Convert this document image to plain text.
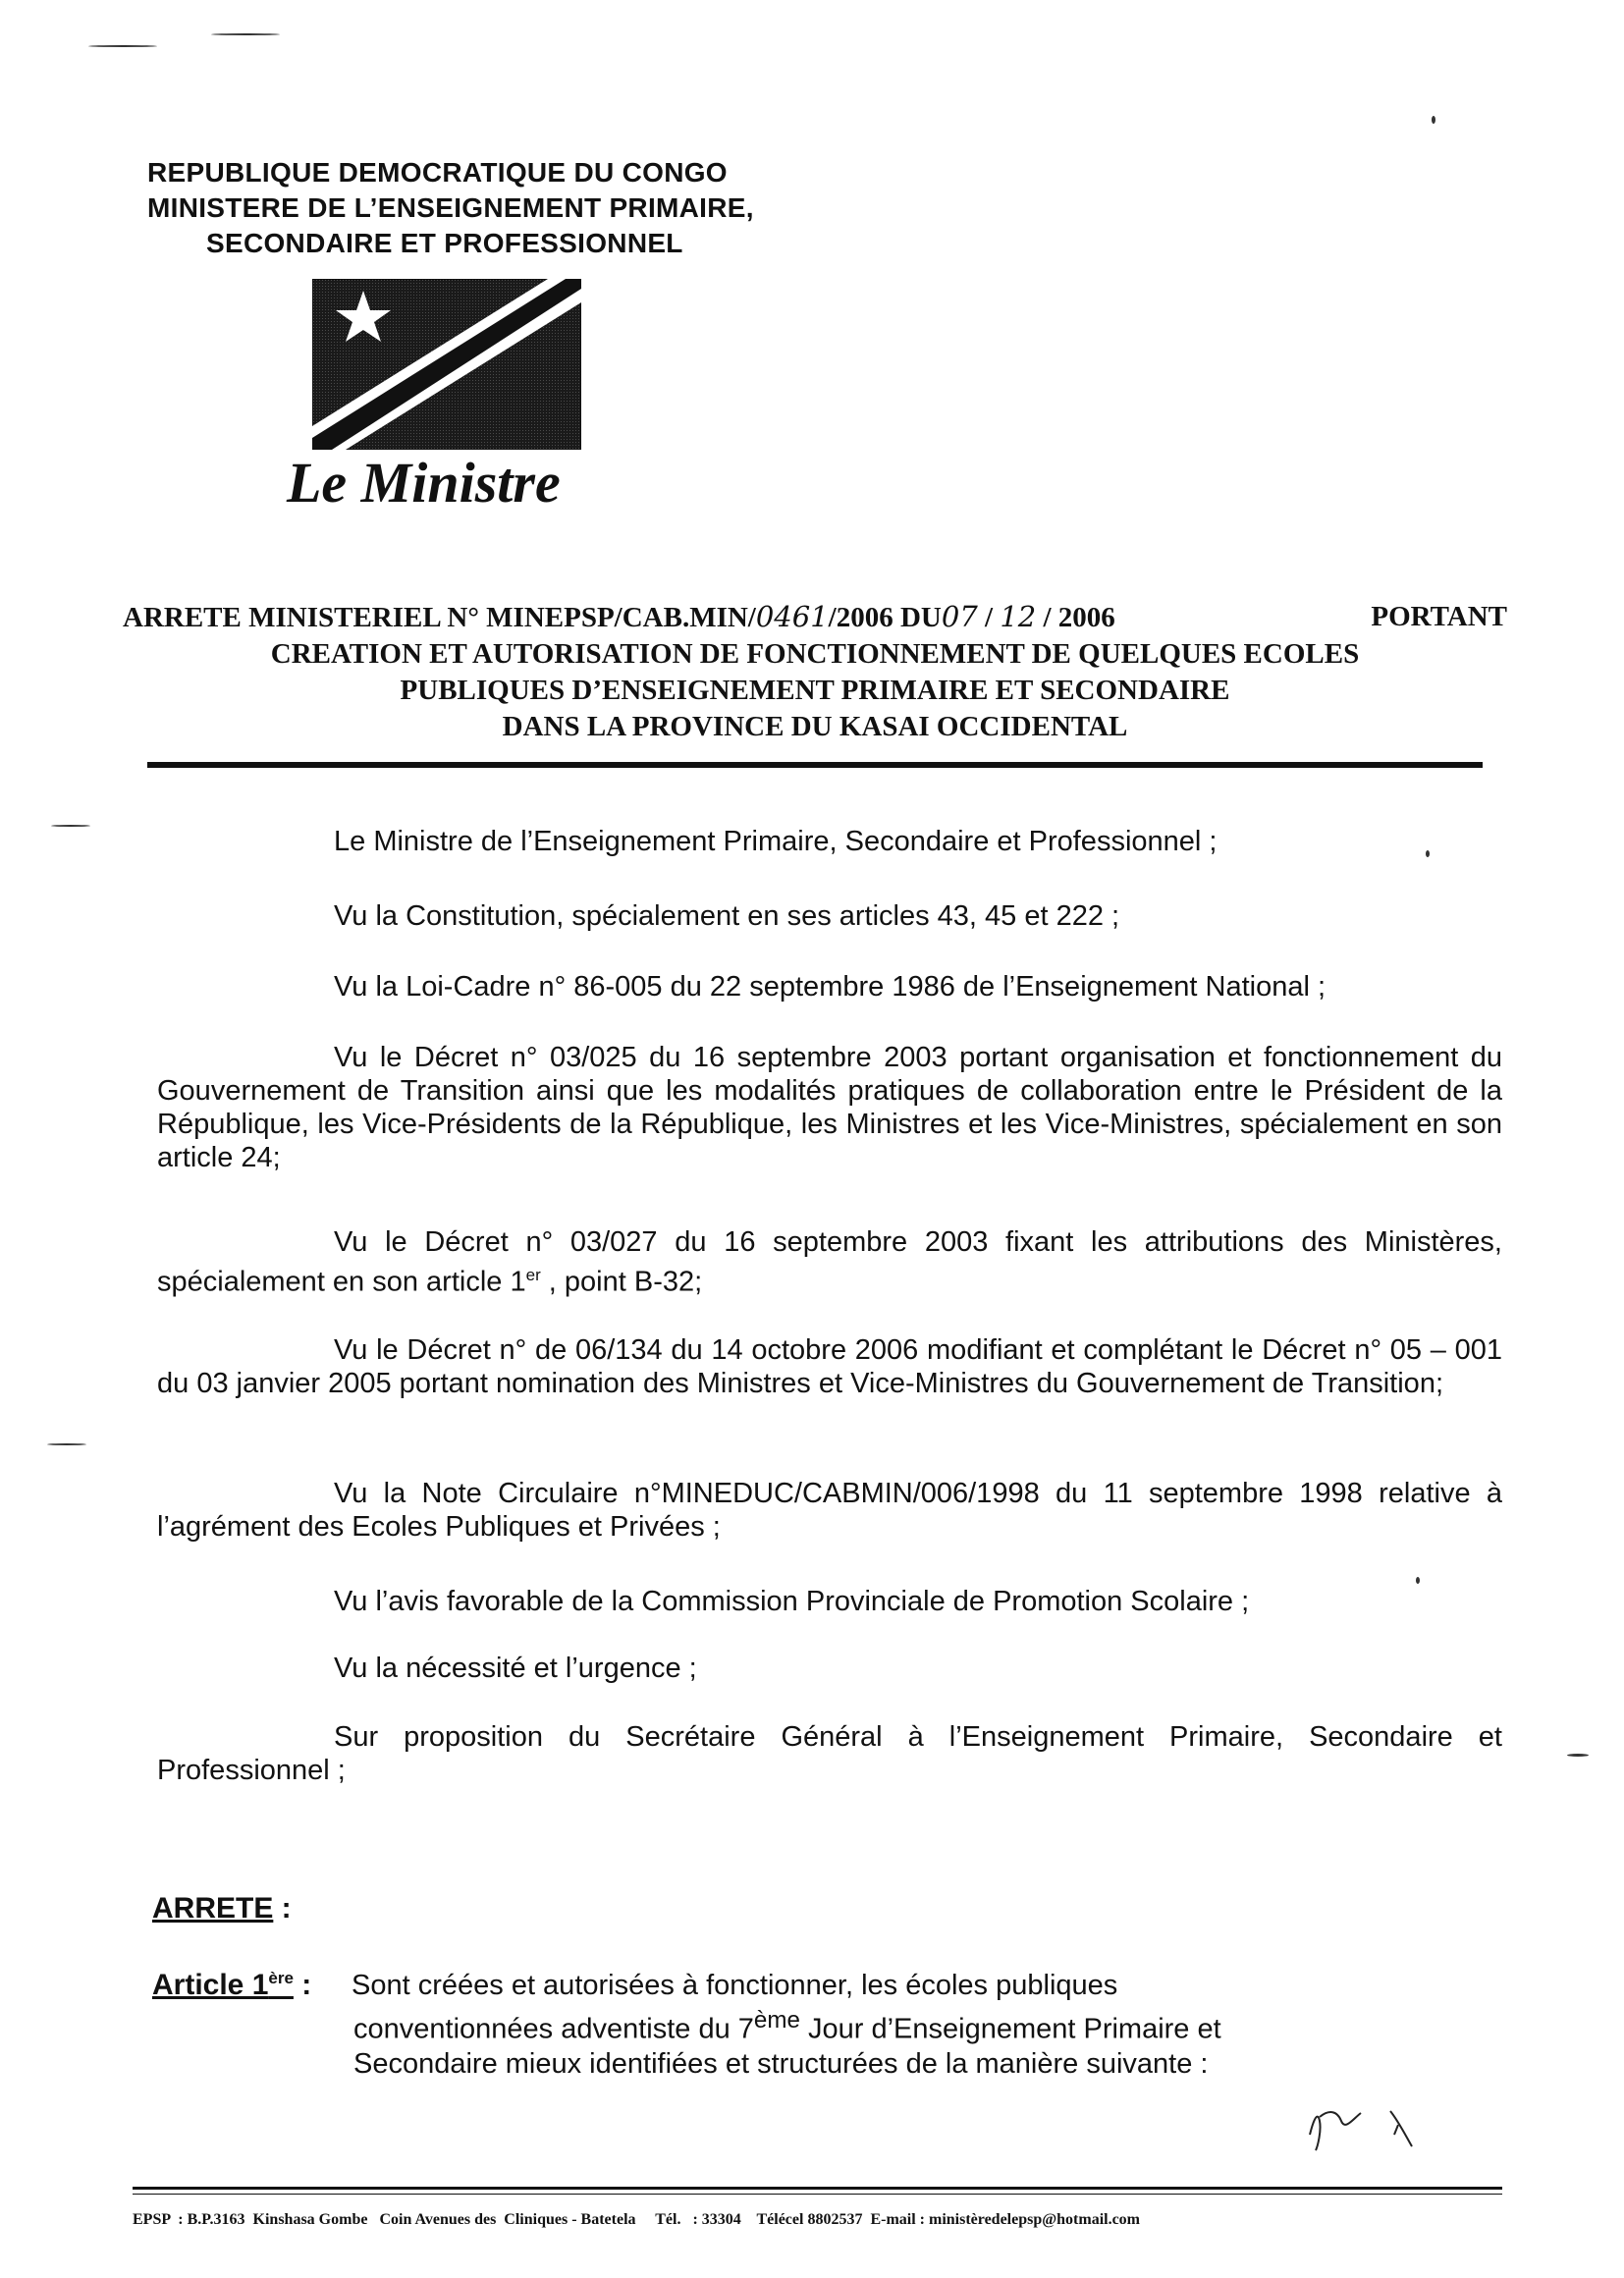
REPUBLIQUE DEMOCRATIQUE DU CONGO
MINISTERE DE L’ENSEIGNEMENT PRIMAIRE,
SECONDAIRE ET PROFESSIONNEL
Le Ministre
ARRETE MINISTERIEL N° MINEPSP/CAB.MIN/0461/2006 DU07 / 12 / 2006	PORTANT
CREATION ET AUTORISATION DE FONCTIONNEMENT DE QUELQUES ECOLES
PUBLIQUES D’ENSEIGNEMENT PRIMAIRE ET SECONDAIRE
DANS LA PROVINCE DU KASAI OCCIDENTAL
Le Ministre de l’Enseignement Primaire, Secondaire et Professionnel ;
Vu la Constitution, spécialement en ses articles 43, 45 et 222 ;
Vu la Loi-Cadre n° 86-005 du 22 septembre 1986 de l’Enseignement National ;
Vu le Décret n° 03/025 du 16 septembre 2003 portant organisation et fonctionnement du Gouvernement de Transition ainsi que les modalités pratiques de collaboration entre le Président de la République, les Vice-Présidents de la République, les Ministres et les Vice-Ministres, spécialement en son article 24;
Vu le Décret n° 03/027 du 16 septembre 2003 fixant les attributions des Ministères, spécialement en son article 1er , point B-32;
Vu le Décret n° de 06/134 du 14 octobre 2006 modifiant et complétant le Décret n° 05 – 001 du 03 janvier 2005 portant nomination des Ministres et Vice-Ministres du Gouvernement de Transition;
Vu la Note Circulaire n°MINEDUC/CABMIN/006/1998 du 11 septembre 1998 relative à l’agrément des Ecoles Publiques et Privées ;
Vu l’avis favorable de la Commission Provinciale de Promotion Scolaire ;
Vu la nécessité et l’urgence ;
Sur proposition du Secrétaire Général à l’Enseignement Primaire, Secondaire et Professionnel ;
ARRETE :
Article 1ère : Sont créées et autorisées à fonctionner, les écoles publiques
conventionnées adventiste du 7ème Jour d’Enseignement Primaire et
Secondaire mieux identifiées et structurées de la manière suivante :
EPSP  : B.P.3163  Kinshasa Gombe   Coin Avenues des  Cliniques - Batetela     Tél.   : 33304    Télécel 8802537  E-mail : ministèredelepsp@hotmail.com
